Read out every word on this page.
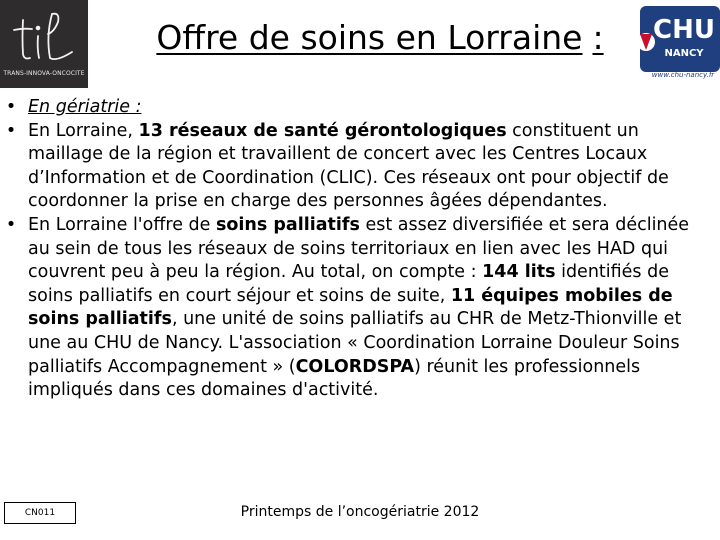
TRANS-INNOVA-ONCOCITE
Offre de soins en Lorraine :	CHU
NANCY
www.chu-nancy.fr

• En gériatrie :

• En Lorraine, 13 réseaux de santé gérontologiques constituent un maillage de la région et travaillent de concert avec les Centres Locaux d’Information et de Coordination (CLIC). Ces réseaux ont pour objectif de coordonner la prise en charge des personnes âgées dépendantes.

• En Lorraine l'offre de soins palliatifs est assez diversifiée et sera déclinée au sein de tous les réseaux de soins territoriaux en lien avec les HAD qui couvrent peu à peu la région. Au total, on compte : 144 lits identifiés de soins palliatifs en court séjour et soins de suite, 11 équipes mobiles de soins palliatifs, une unité de soins palliatifs au CHR de Metz-Thionville et une au CHU de Nancy. L'association « Coordination Lorraine Douleur Soins palliatifs Accompagnement » (COLORDSPA) réunit les professionnels impliqués dans ces domaines d'activité.

CN011	Printemps de l’oncogériatrie 2012
